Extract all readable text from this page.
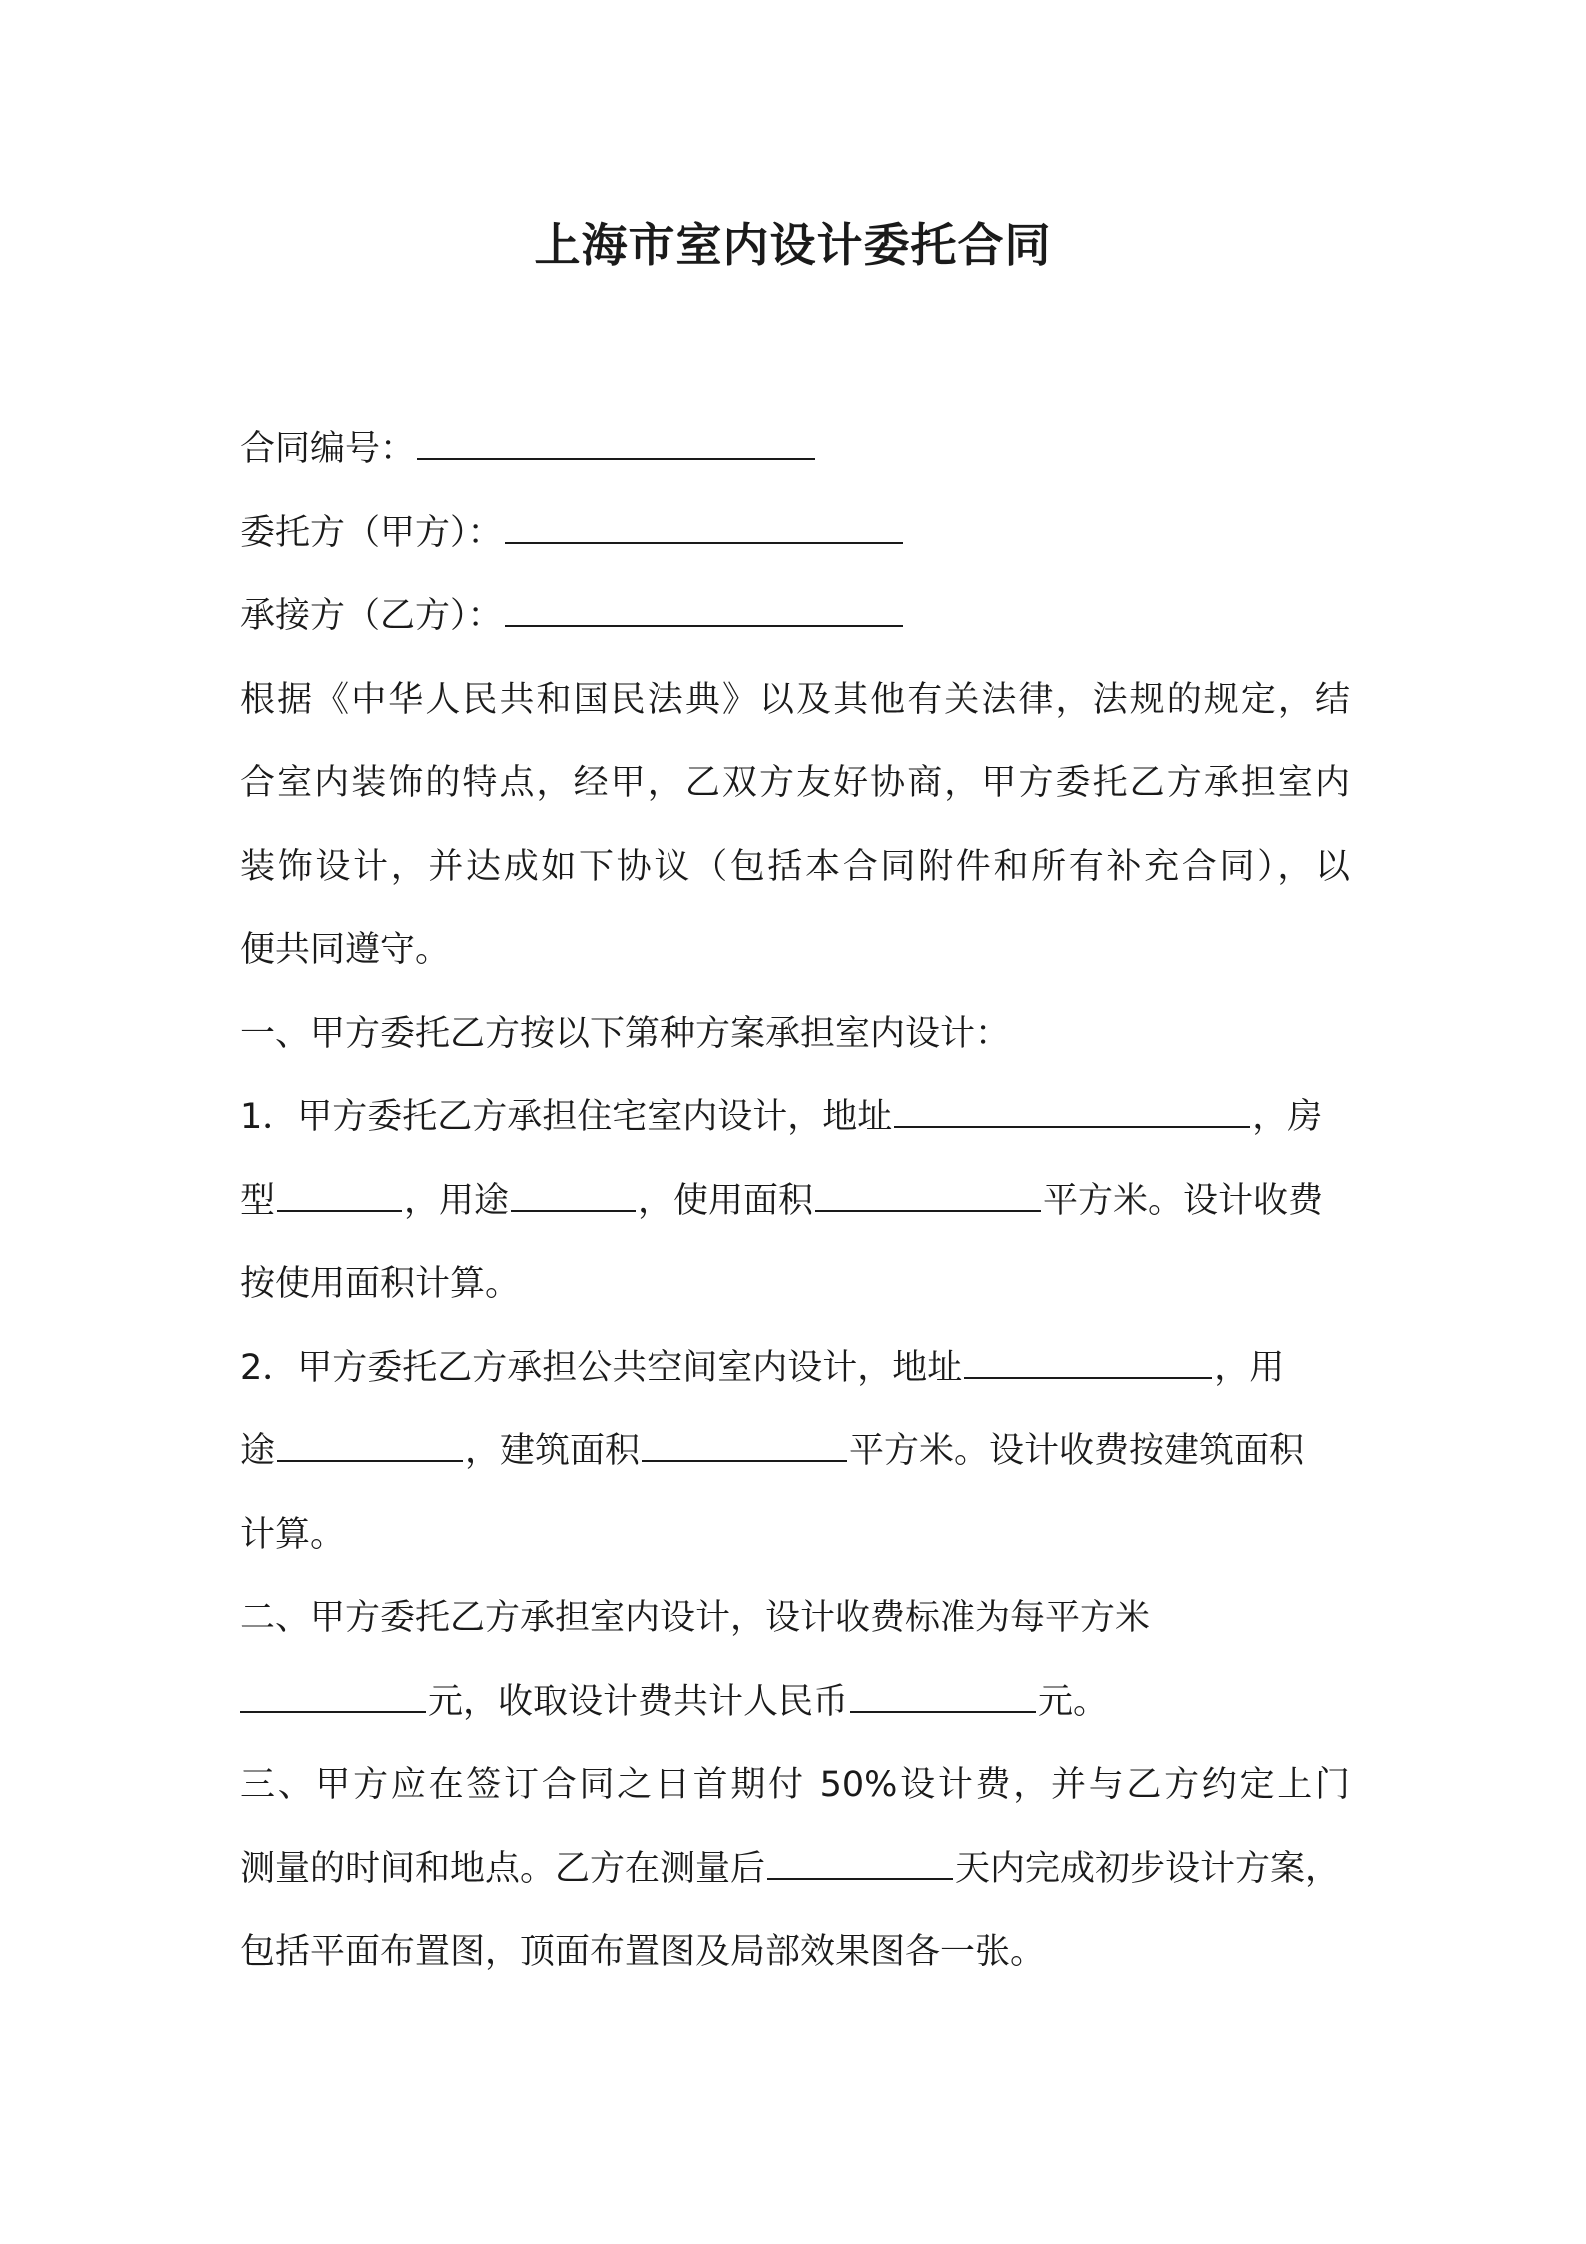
上海市室内设计委托合同
合同编号：
委托方（甲方）：
承接方（乙方）：
根据《中华人民共和国民法典》以及其他有关法律，法规的规定，结
合室内装饰的特点，经甲，乙双方友好协商，甲方委托乙方承担室内
装饰设计，并达成如下协议（包括本合同附件和所有补充合同），以
便共同遵守。
一、甲方委托乙方按以下第种方案承担室内设计：
1．甲方委托乙方承担住宅室内设计，地址	，房
型	，用途	，使用面积	平方米。设计收费
按使用面积计算。
2．甲方委托乙方承担公共空间室内设计，地址	，用
途	，建筑面积	平方米。设计收费按建筑面积
计算。
二、甲方委托乙方承担室内设计，设计收费标准为每平方米
元，收取设计费共计人民币	元。
三、甲方应在签订合同之日首期付 50%设计费，并与乙方约定上门
测量的时间和地点。乙方在测量后	天内完成初步设计方案，
包括平面布置图，顶面布置图及局部效果图各一张。
